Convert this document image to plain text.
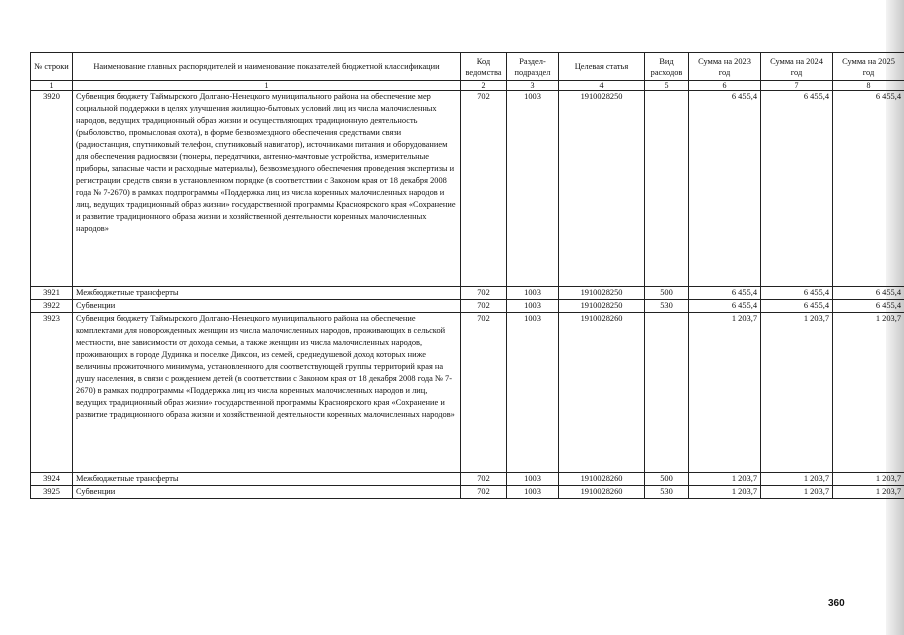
№ строки	Наименование главных распорядителей и наименование показателей бюджетной классификации	Код ведомства	Раздел-подраздел	Целевая статья	Вид расходов	Сумма на 2023 год	Сумма на 2024 год	Сумма на 2025 год
1	1	2	3	4	5	6	7	8
3920	Субвенция бюджету Таймырского Долгано-Ненецкого муниципального района на обеспечение мер социальной поддержки в целях улучшения жилищно-бытовых условий лиц из числа малочисленных народов, ведущих традиционный образ жизни и осуществляющих традиционную деятельность (рыболовство, промысловая охота), в форме безвозмездного обеспечения средствами связи (радиостанция, спутниковый телефон, спутниковый навигатор), источниками питания и оборудованием для обеспечения радиосвязи (тюнеры, передатчики, антенно-мачтовые устройства, измерительные приборы, запасные части и расходные материалы), безвозмездного обеспечения проведения экспертизы и регистрации средств связи в установленном порядке (в соответствии с Законом края от 18 декабря 2008 года № 7-2670) в рамках подпрограммы «Поддержка лиц из числа коренных малочисленных народов и лиц, ведущих традиционный образ жизни» государственной программы Красноярского края «Сохранение и развитие традиционного образа жизни и хозяйственной деятельности коренных малочисленных народов»	702	1003	1910028250		6 455,4	6 455,4	6 455,4
3921	Межбюджетные трансферты	702	1003	1910028250	500	6 455,4	6 455,4	6 455,4
3922	Субвенции	702	1003	1910028250	530	6 455,4	6 455,4	6 455,4
3923	Субвенция бюджету Таймырского Долгано-Ненецкого муниципального района на обеспечение комплектами для новорожденных женщин из числа малочисленных народов, проживающих в сельской местности, вне зависимости от дохода семьи, а также женщин из числа малочисленных народов, проживающих в городе Дудинка и поселке Диксон, из семей, среднедушевой доход которых ниже величины прожиточного минимума, установленного для соответствующей группы территорий края на душу населения, в связи с рождением детей (в соответствии с Законом края от 18 декабря 2008 года № 7-2670) в рамках подпрограммы «Поддержка лиц из числа коренных малочисленных народов и лиц, ведущих традиционный образ жизни» государственной программы Красноярского края «Сохранение и развитие традиционного образа жизни и хозяйственной деятельности коренных малочисленных народов»	702	1003	1910028260		1 203,7	1 203,7	1 203,7
3924	Межбюджетные трансферты	702	1003	1910028260	500	1 203,7	1 203,7	1 203,7
3925	Субвенции	702	1003	1910028260	530	1 203,7	1 203,7	1 203,7
360
